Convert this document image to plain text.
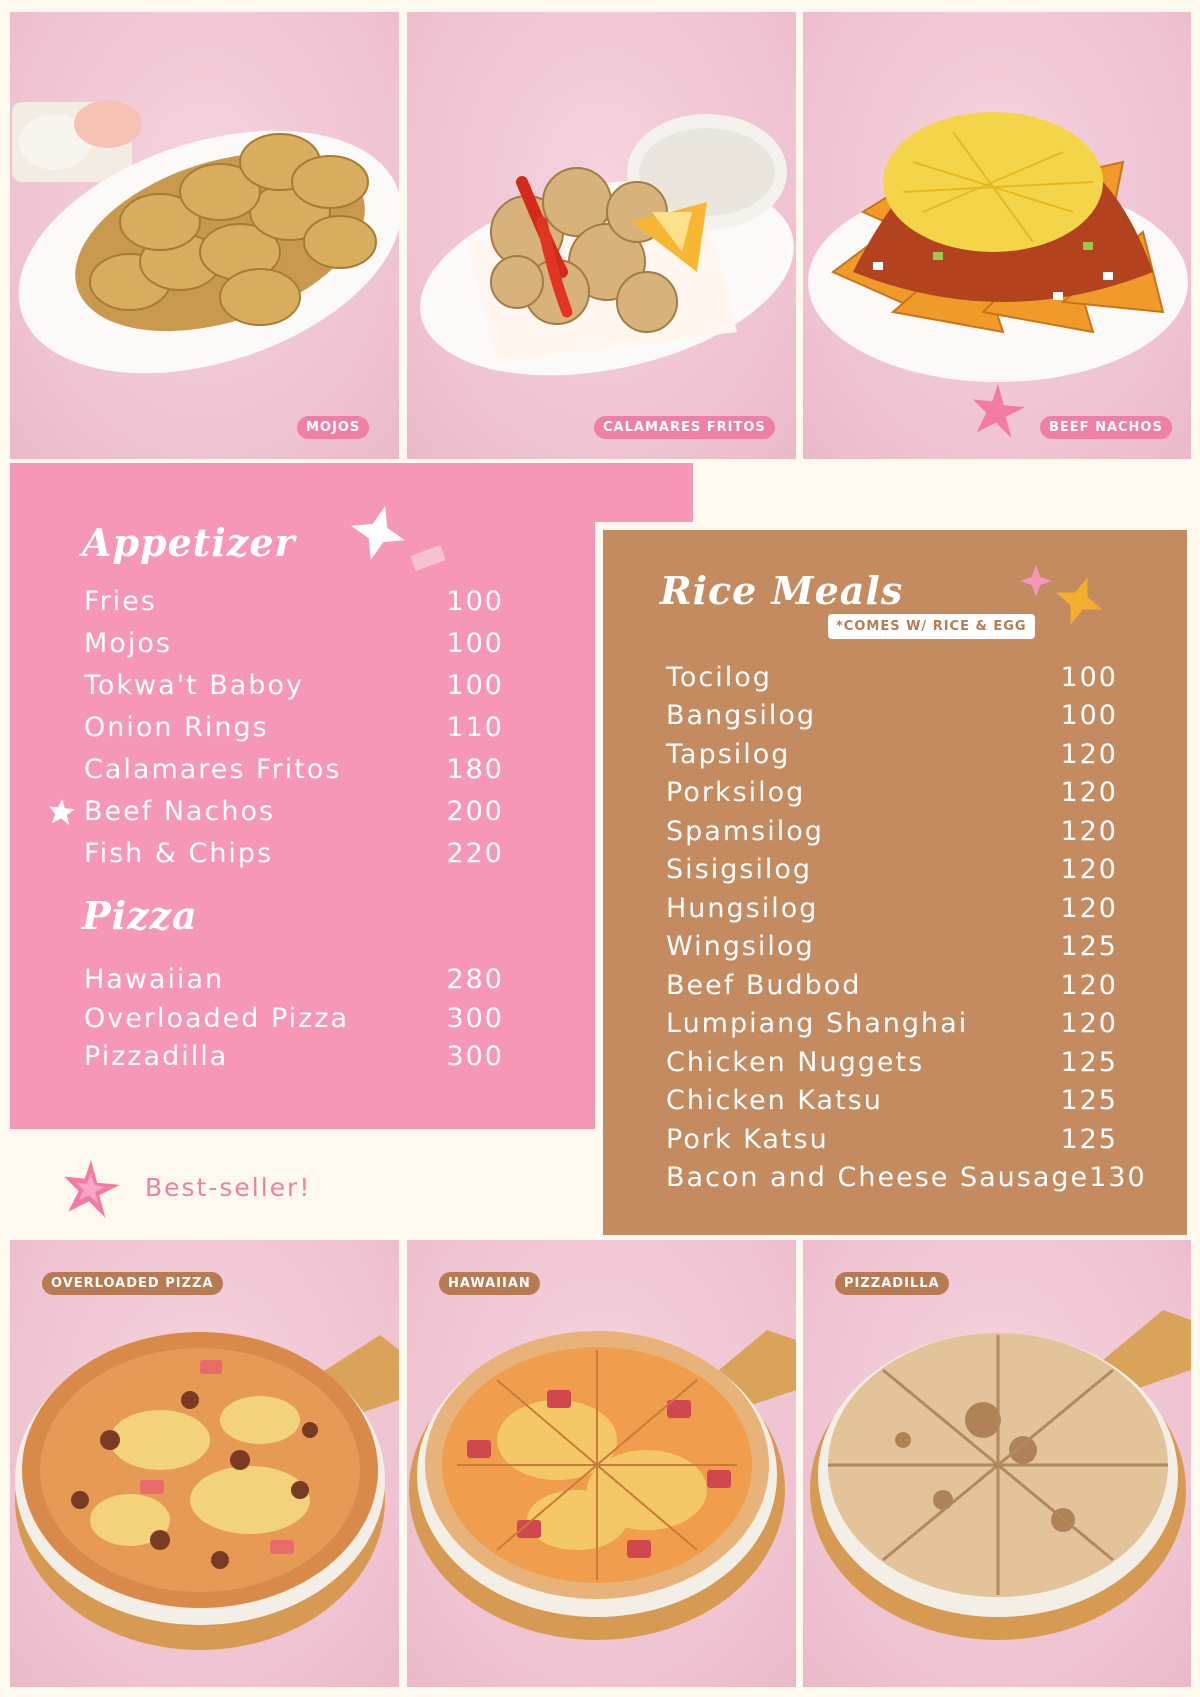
MOJOS	CALAMARES FRITOS	BEEF NACHOS
Appetizer
Fries	100
Mojos	100
Tokwa't Baboy	100
Onion Rings	110
Calamares Fritos	180
Beef Nachos	200
Fish & Chips	220
Pizza
Hawaiian	280
Overloaded Pizza	300
Pizzadilla	300
Rice Meals
*COMES W/ RICE & EGG
Tocilog	100
Bangsilog	100
Tapsilog	120
Porksilog	120
Spamsilog	120
Sisigsilog	120
Hungsilog	120
Wingsilog	125
Beef Budbod	120
Lumpiang Shanghai	120
Chicken Nuggets	125
Chicken Katsu	125
Pork Katsu	125
Bacon and Cheese Sausage 130
Best-seller!
OVERLOADED PIZZA	HAWAIIAN	PIZZADILLA
